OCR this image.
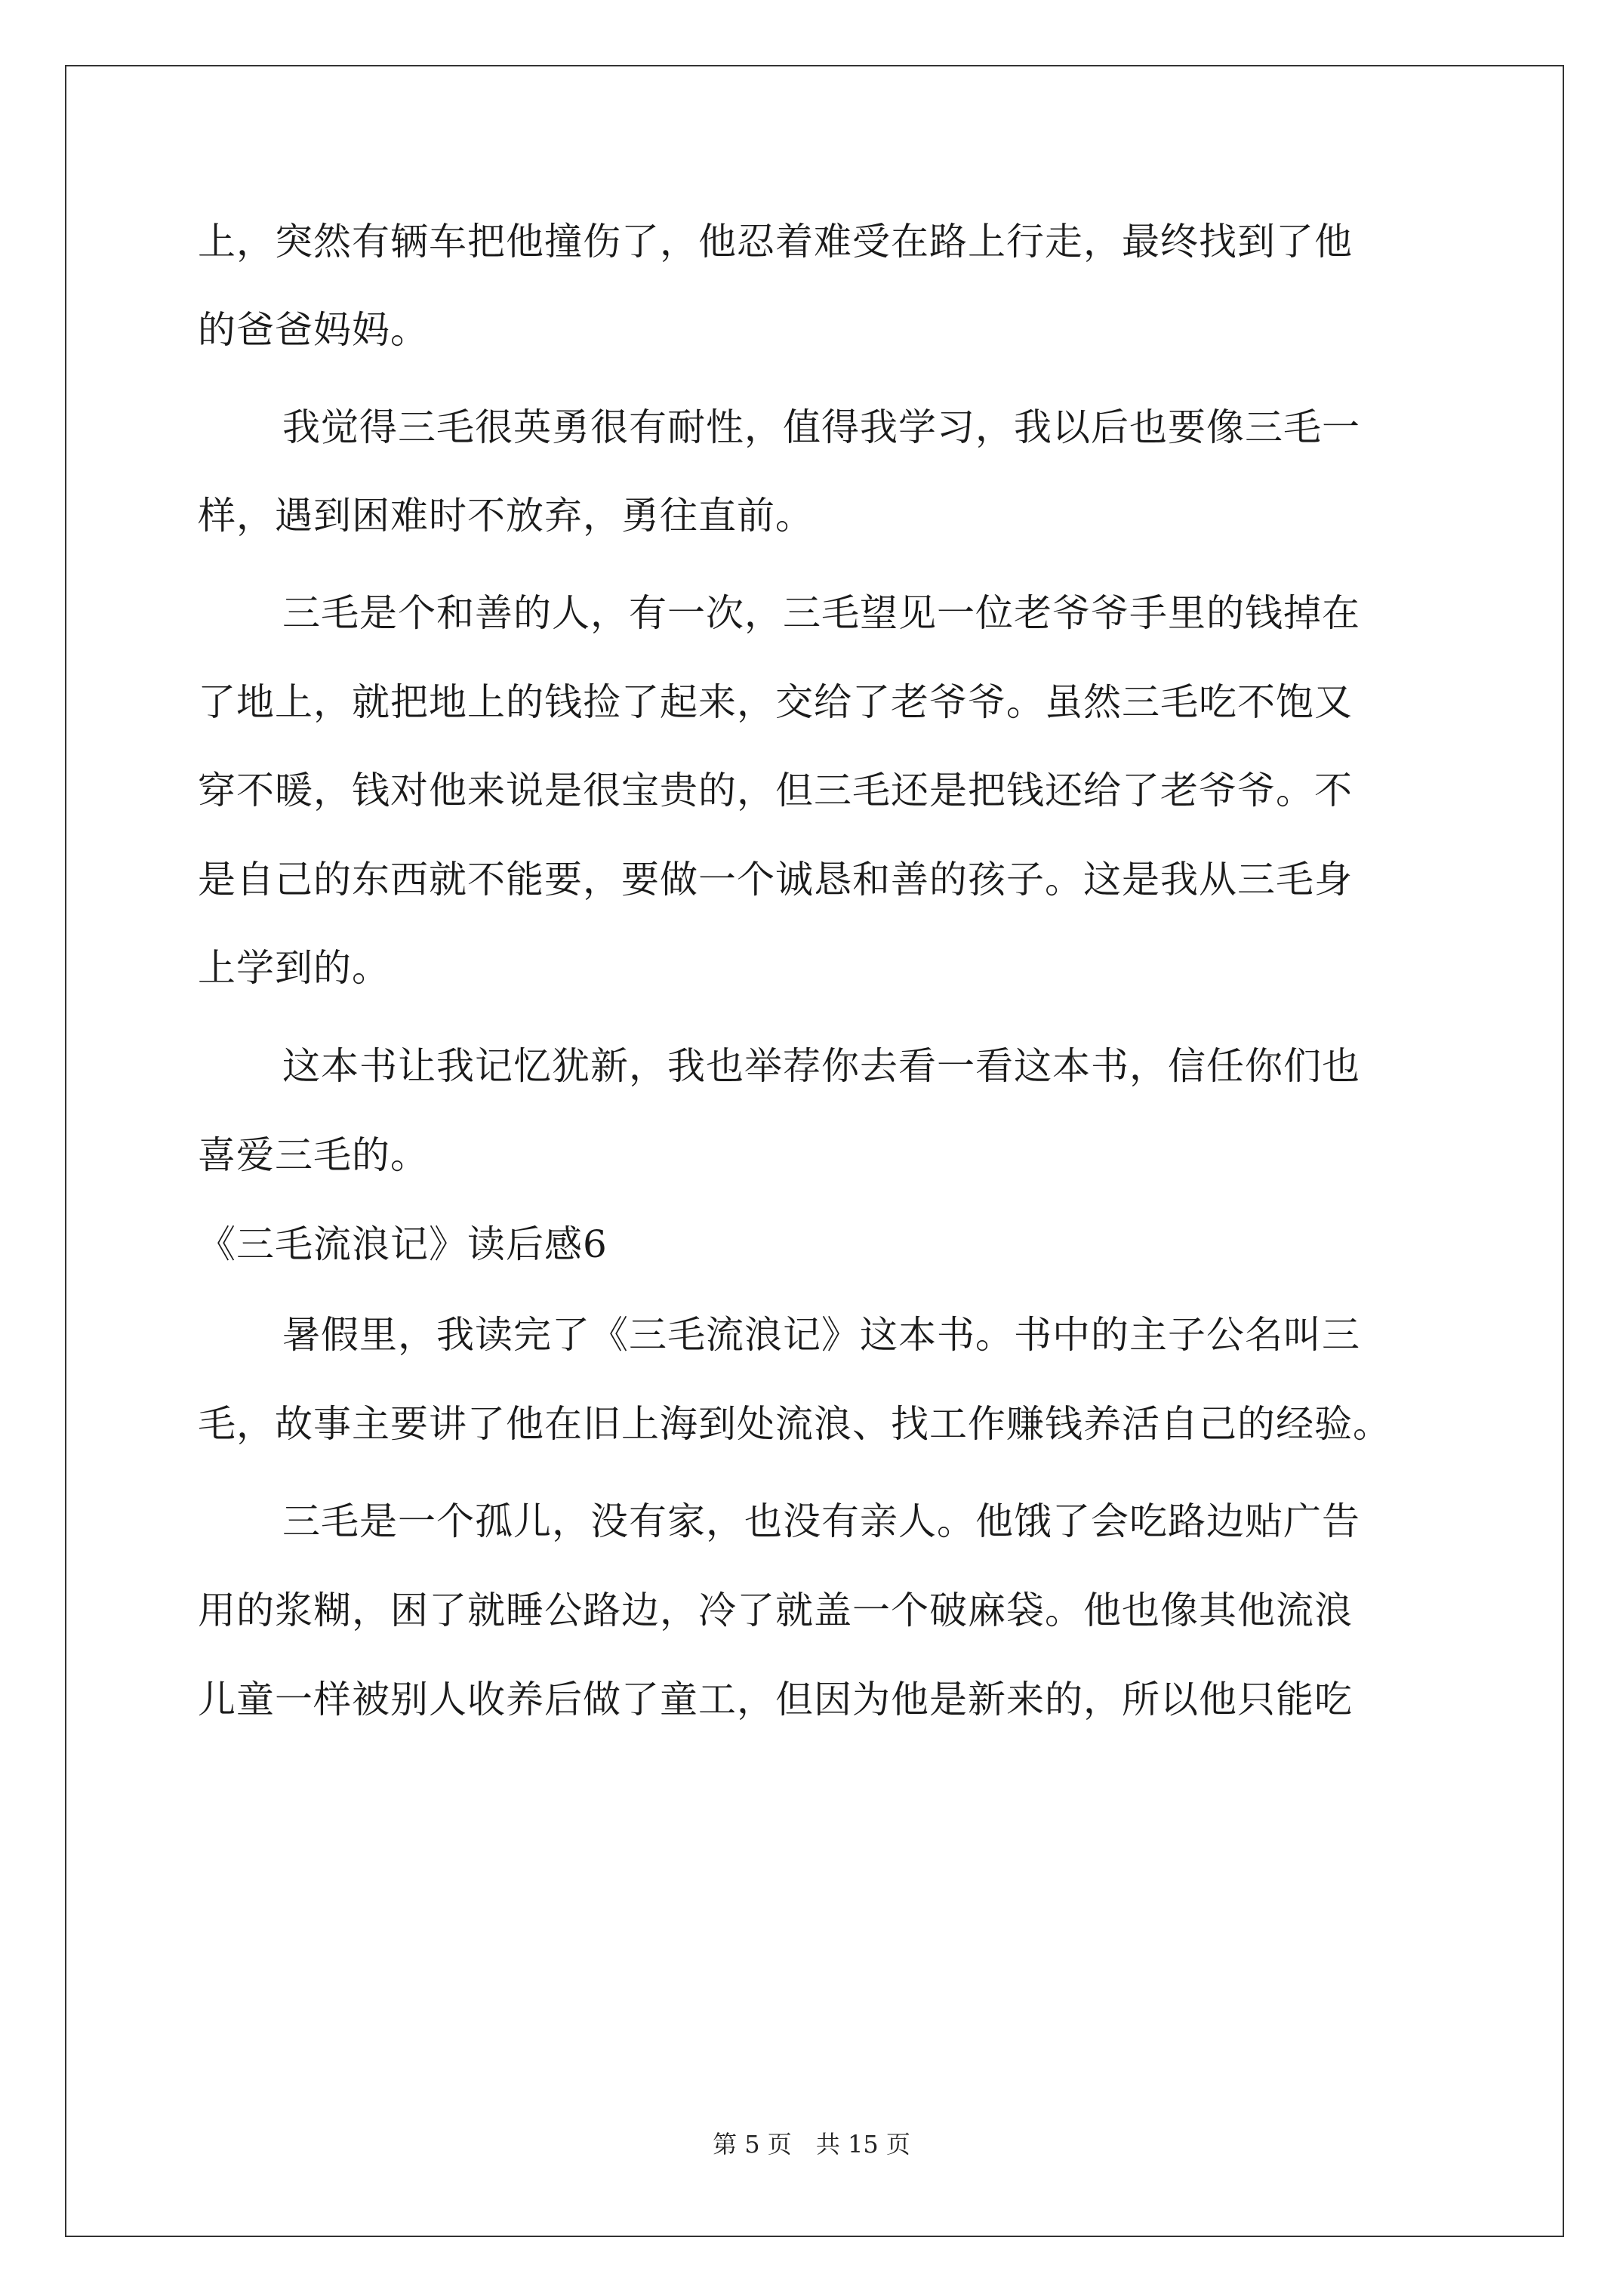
上，突然有辆车把他撞伤了，他忍着难受在路上行走，最终找到了他
的爸爸妈妈。
我觉得三毛很英勇很有耐性，值得我学习，我以后也要像三毛一
样，遇到困难时不放弃，勇往直前。
三毛是个和善的人，有一次，三毛望见一位老爷爷手里的钱掉在
了地上，就把地上的钱捡了起来，交给了老爷爷。虽然三毛吃不饱又
穿不暖，钱对他来说是很宝贵的，但三毛还是把钱还给了老爷爷。不
是自己的东西就不能要，要做一个诚恳和善的孩子。这是我从三毛身
上学到的。
这本书让我记忆犹新，我也举荐你去看一看这本书，信任你们也
喜爱三毛的。
《三毛流浪记》读后感6
暑假里，我读完了《三毛流浪记》这本书。书中的主子公名叫三
毛，故事主要讲了他在旧上海到处流浪、找工作赚钱养活自己的经验。
三毛是一个孤儿，没有家，也没有亲人。他饿了会吃路边贴广告
用的浆糊，困了就睡公路边，冷了就盖一个破麻袋。他也像其他流浪
儿童一样被别人收养后做了童工，但因为他是新来的，所以他只能吃
第 5 页 共 15 页
